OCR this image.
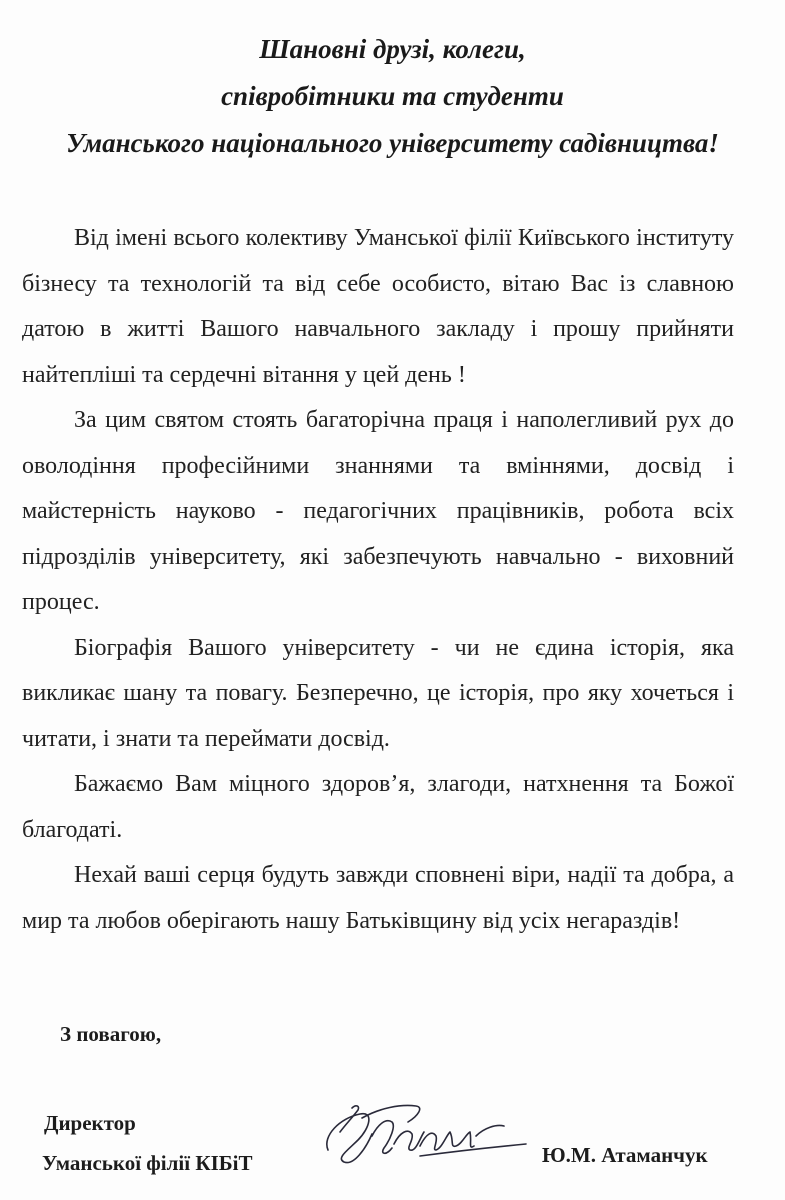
Шановні друзі, колеги,
співробітники та студенти
Уманського національного університету садівництва!

Від імені всього колективу Уманської філії Київського інституту бізнесу та технологій та від себе особисто, вітаю Вас із славною датою в житті Вашого навчального закладу і прошу прийняти найтепліші та сердечні вітання у цей день !

За цим святом стоять багаторічна праця і наполегливий рух до оволодіння професійними знаннями та вміннями, досвід і майстерність науково - педагогічних працівників, робота всіх підрозділів університету, які забезпечують навчально - виховний процес.

Біографія Вашого університету - чи не єдина історія, яка викликає шану та повагу. Безперечно, це історія, про яку хочеться і читати, і знати та переймати досвід.

Бажаємо Вам міцного здоров’я, злагоди, натхнення та Божої благодаті.

Нехай ваші серця будуть завжди сповнені віри, надії та добра, а мир та любов оберігають нашу Батьківщину від усіх негараздів!

З повагою,
Директор
Уманської філії КІБіТ	Ю.М. Атаманчук
